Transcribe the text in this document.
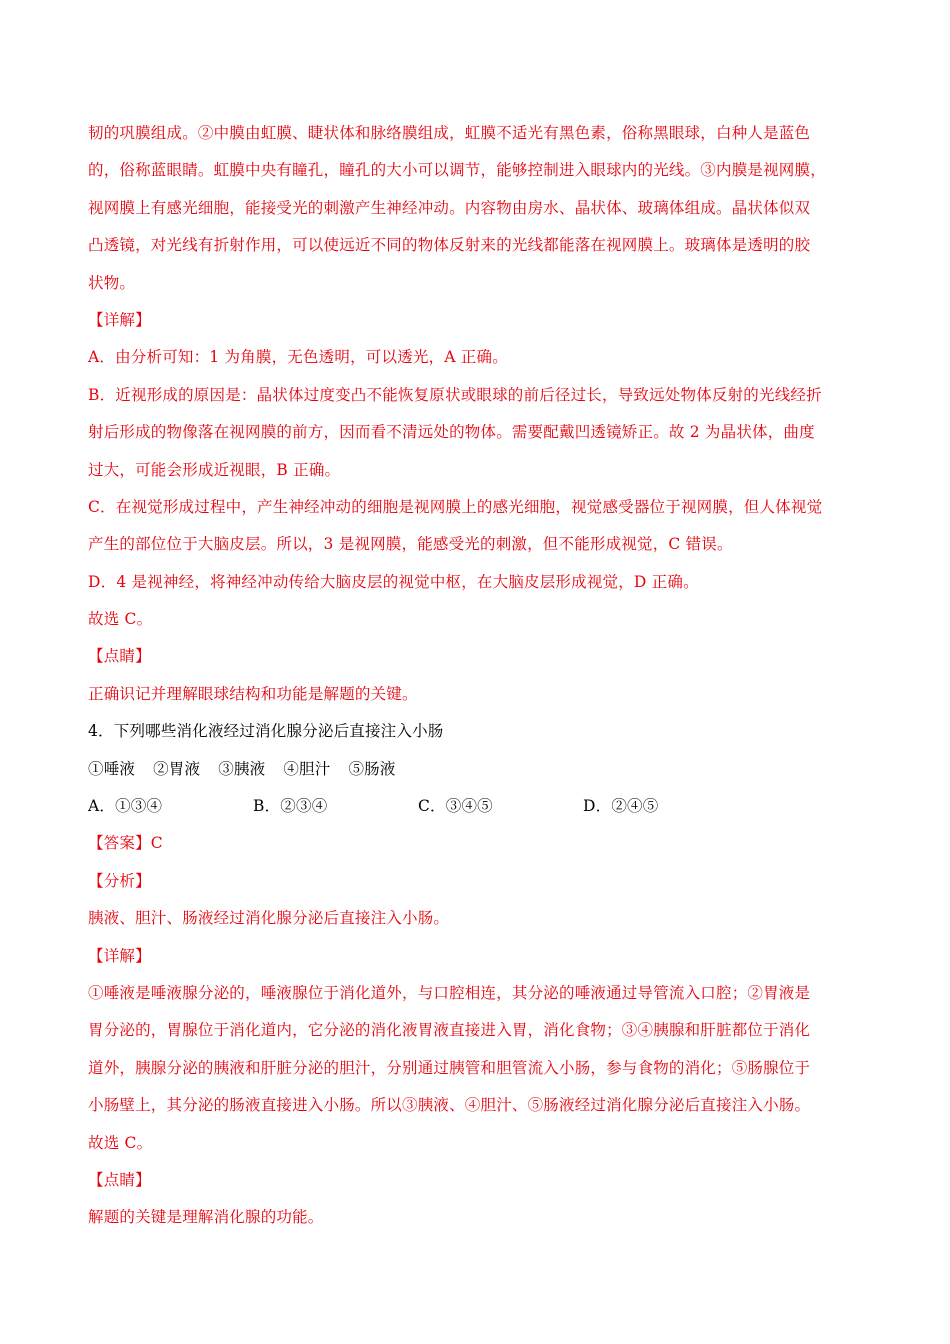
韧的巩膜组成。②中膜由虹膜、睫状体和脉络膜组成，虹膜不适光有黑色素，俗称黑眼球，白种人是蓝色
的，俗称蓝眼睛。虹膜中央有瞳孔，瞳孔的大小可以调节，能够控制进入眼球内的光线。③内膜是视网膜，
视网膜上有感光细胞，能接受光的刺激产生神经冲动。内容物由房水、晶状体、玻璃体组成。晶状体似双
凸透镜，对光线有折射作用，可以使远近不同的物体反射来的光线都能落在视网膜上。玻璃体是透明的胶
状物。
【详解】
A．由分析可知：1 为角膜，无色透明，可以透光，A 正确。
B．近视形成的原因是：晶状体过度变凸不能恢复原状或眼球的前后径过长，导致远处物体反射的光线经折
射后形成的物像落在视网膜的前方，因而看不清远处的物体。需要配戴凹透镜矫正。故 2 为晶状体，曲度
过大，可能会形成近视眼，B 正确。
C．在视觉形成过程中，产生神经冲动的细胞是视网膜上的感光细胞，视觉感受器位于视网膜，但人体视觉
产生的部位位于大脑皮层。所以，3 是视网膜，能感受光的刺激，但不能形成视觉，C 错误。
D．4 是视神经，将神经冲动传给大脑皮层的视觉中枢，在大脑皮层形成视觉，D 正确。
故选 C。
【点睛】
正确识记并理解眼球结构和功能是解题的关键。
4．下列哪些消化液经过消化腺分泌后直接注入小肠
①唾液 ②胃液 ③胰液 ④胆汁 ⑤肠液
A．①③④	B．②③④	C．③④⑤	D．②④⑤
【答案】C
【分析】
胰液、胆汁、肠液经过消化腺分泌后直接注入小肠。
【详解】
①唾液是唾液腺分泌的，唾液腺位于消化道外，与口腔相连，其分泌的唾液通过导管流入口腔；②胃液是
胃分泌的，胃腺位于消化道内，它分泌的消化液胃液直接进入胃，消化食物；③④胰腺和肝脏都位于消化
道外，胰腺分泌的胰液和肝脏分泌的胆汁，分别通过胰管和胆管流入小肠，参与食物的消化；⑤肠腺位于
小肠壁上，其分泌的肠液直接进入小肠。所以③胰液、④胆汁、⑤肠液经过消化腺分泌后直接注入小肠。
故选 C。
【点睛】
解题的关键是理解消化腺的功能。
